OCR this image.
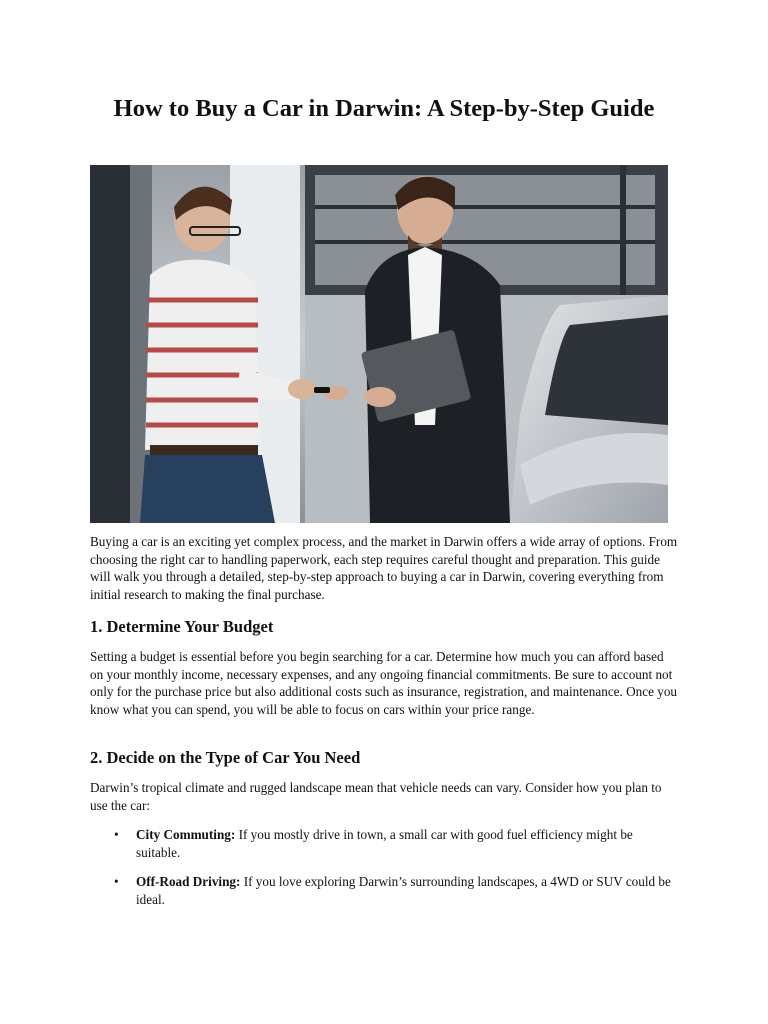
How to Buy a Car in Darwin: A Step-by-Step Guide

Buying a car is an exciting yet complex process, and the market in Darwin offers a wide array of options. From choosing the right car to handling paperwork, each step requires careful thought and preparation. This guide will walk you through a detailed, step-by-step approach to buying a car in Darwin, covering everything from initial research to making the final purchase.

1. Determine Your Budget

Setting a budget is essential before you begin searching for a car. Determine how much you can afford based on your monthly income, necessary expenses, and any ongoing financial commitments. Be sure to account not only for the purchase price but also additional costs such as insurance, registration, and maintenance. Once you know what you can spend, you will be able to focus on cars within your price range.

2. Decide on the Type of Car You Need

Darwin’s tropical climate and rugged landscape mean that vehicle needs can vary. Consider how you plan to use the car:

• City Commuting: If you mostly drive in town, a small car with good fuel efficiency might be suitable.
• Off-Road Driving: If you love exploring Darwin’s surrounding landscapes, a 4WD or SUV could be ideal.
